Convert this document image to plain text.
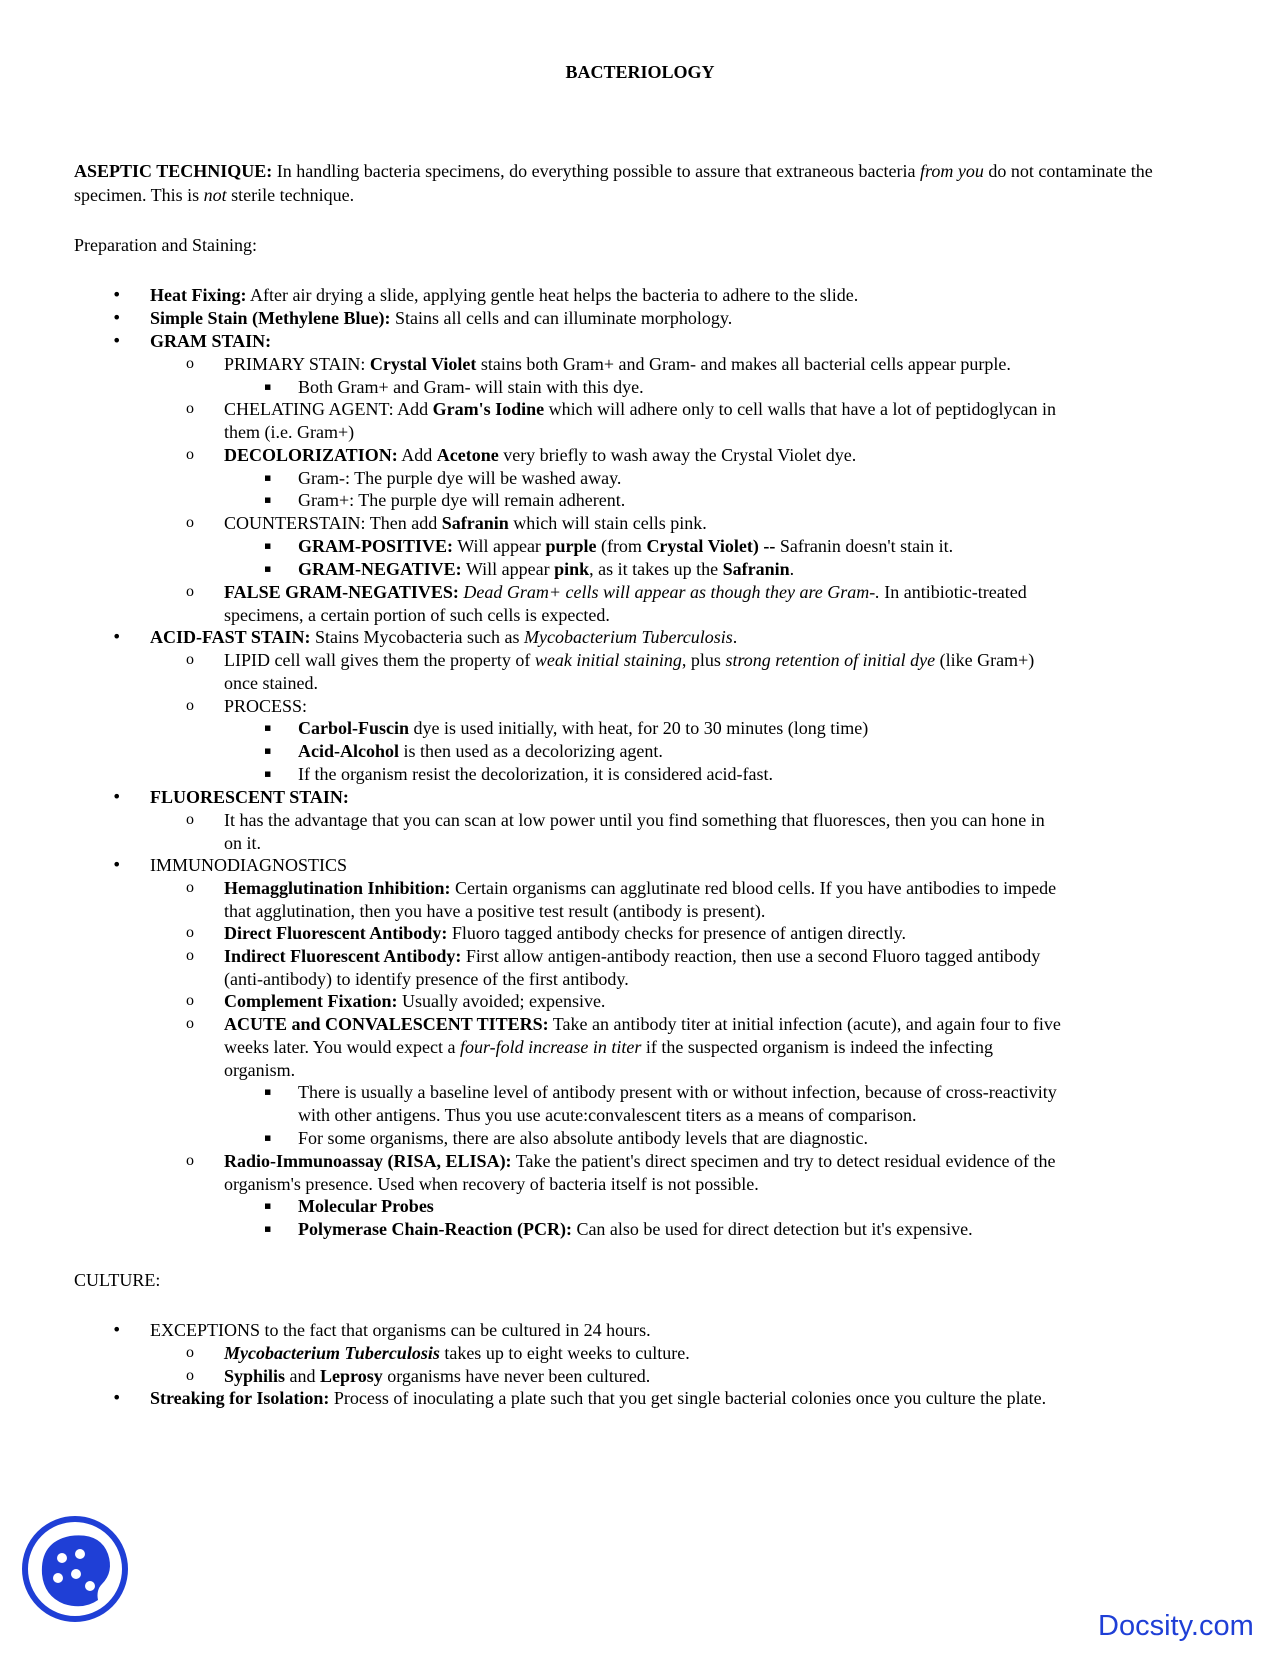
BACTERIOLOGY
ASEPTIC TECHNIQUE: In handling bacteria specimens, do everything possible to assure that extraneous bacteria from you do not contaminate the specimen. This is not sterile technique.
Preparation and Staining:
• Heat Fixing: After air drying a slide, applying gentle heat helps the bacteria to adhere to the slide.
• Simple Stain (Methylene Blue): Stains all cells and can illuminate morphology.
• GRAM STAIN:
o PRIMARY STAIN: Crystal Violet stains both Gram+ and Gram- and makes all bacterial cells appear purple.
▪ Both Gram+ and Gram- will stain with this dye.
o CHELATING AGENT: Add Gram's Iodine which will adhere only to cell walls that have a lot of peptidoglycan in
them (i.e. Gram+)
o DECOLORIZATION: Add Acetone very briefly to wash away the Crystal Violet dye.
▪ Gram-: The purple dye will be washed away.
▪ Gram+: The purple dye will remain adherent.
o COUNTERSTAIN: Then add Safranin which will stain cells pink.
▪ GRAM-POSITIVE: Will appear purple (from Crystal Violet) -- Safranin doesn't stain it.
▪ GRAM-NEGATIVE: Will appear pink, as it takes up the Safranin.
o FALSE GRAM-NEGATIVES: Dead Gram+ cells will appear as though they are Gram-. In antibiotic-treated
specimens, a certain portion of such cells is expected.
• ACID-FAST STAIN: Stains Mycobacteria such as Mycobacterium Tuberculosis.
o LIPID cell wall gives them the property of weak initial staining, plus strong retention of initial dye (like Gram+)
once stained.
o PROCESS:
▪ Carbol-Fuscin dye is used initially, with heat, for 20 to 30 minutes (long time)
▪ Acid-Alcohol is then used as a decolorizing agent.
▪ If the organism resist the decolorization, it is considered acid-fast.
• FLUORESCENT STAIN:
o It has the advantage that you can scan at low power until you find something that fluoresces, then you can hone in
on it.
• IMMUNODIAGNOSTICS
o Hemagglutination Inhibition: Certain organisms can agglutinate red blood cells. If you have antibodies to impede
that agglutination, then you have a positive test result (antibody is present).
o Direct Fluorescent Antibody: Fluoro tagged antibody checks for presence of antigen directly.
o Indirect Fluorescent Antibody: First allow antigen-antibody reaction, then use a second Fluoro tagged antibody
(anti-antibody) to identify presence of the first antibody.
o Complement Fixation: Usually avoided; expensive.
o ACUTE and CONVALESCENT TITERS: Take an antibody titer at initial infection (acute), and again four to five
weeks later. You would expect a four-fold increase in titer if the suspected organism is indeed the infecting
organism.
▪ There is usually a baseline level of antibody present with or without infection, because of cross-reactivity
with other antigens. Thus you use acute:convalescent titers as a means of comparison.
▪ For some organisms, there are also absolute antibody levels that are diagnostic.
o Radio-Immunoassay (RISA, ELISA): Take the patient's direct specimen and try to detect residual evidence of the
organism's presence. Used when recovery of bacteria itself is not possible.
▪ Molecular Probes
▪ Polymerase Chain-Reaction (PCR): Can also be used for direct detection but it's expensive.
CULTURE:
• EXCEPTIONS to the fact that organisms can be cultured in 24 hours.
o Mycobacterium Tuberculosis takes up to eight weeks to culture.
o Syphilis and Leprosy organisms have never been cultured.
• Streaking for Isolation: Process of inoculating a plate such that you get single bacterial colonies once you culture the plate.
Docsity.com
